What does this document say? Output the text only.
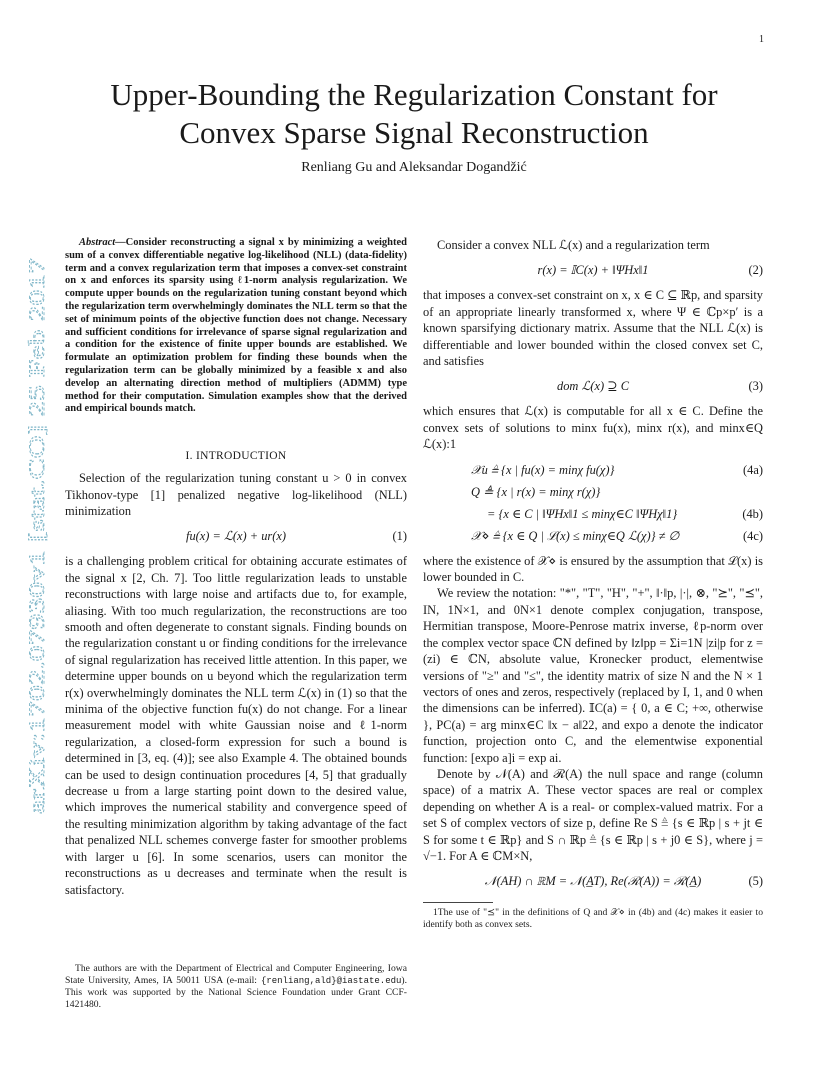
1
arXiv:1702.07930v1 [stat.CO] 25 Feb 2017
Upper-Bounding the Regularization Constant for
Convex Sparse Signal Reconstruction
Renliang Gu and Aleksandar Dogandžić

Abstract—Consider reconstructing a signal x by minimizing a weighted sum of a convex differentiable negative log-likelihood (NLL) (data-fidelity) term and a convex regularization term that imposes a convex-set constraint on x and enforces its sparsity using ℓ1-norm analysis regularization. We compute upper bounds on the regularization tuning constant beyond which the regularization term overwhelmingly dominates the NLL term so that the set of minimum points of the objective function does not change. Necessary and sufficient conditions for irrelevance of sparse signal regularization and a condition for the existence of finite upper bounds are established. We formulate an optimization problem for finding these bounds when the regularization term can be globally minimized by a feasible x and also develop an alternating direction method of multipliers (ADMM) type method for their computation. Simulation examples show that the derived and empirical bounds match.

I. INTRODUCTION

Selection of the regularization tuning constant u > 0 in convex Tikhonov-type [1] penalized negative log-likelihood (NLL) minimization

fu(x) = ℒ(x) + ur(x)	(1)

is a challenging problem critical for obtaining accurate estimates of the signal x [2, Ch. 7]. Too little regularization leads to unstable reconstructions with large noise and artifacts due to, for example, aliasing. With too much regularization, the reconstructions are too smooth and often degenerate to constant signals. Finding bounds on the regularization constant u or finding conditions for the irrelevance of signal regularization has received little attention. In this paper, we determine upper bounds on u beyond which the regularization term r(x) overwhelmingly dominates the NLL term ℒ(x) in (1) so that the minima of the objective function fu(x) do not change. For a linear measurement model with white Gaussian noise and ℓ1-norm regularization, a closed-form expression for such a bound is determined in [3, eq. (4)]; see also Example 4. The obtained bounds can be used to design continuation procedures [4, 5] that gradually decrease u from a large starting point down to the desired value, which improves the numerical stability and convergence speed of the resulting minimization algorithm by taking advantage of the fact that penalized NLL schemes converge faster for smoother problems with larger u [6]. In some scenarios, users can monitor the reconstructions as u decreases and terminate when the result is satisfactory.

The authors are with the Department of Electrical and Computer Engineering, Iowa State University, Ames, IA 50011 USA (e-mail: {renliang,ald}@iastate.edu). This work was supported by the National Science Foundation under Grant CCF-1421480.

Consider a convex NLL ℒ(x) and a regularization term

r(x) = 𝕀C(x) + ‖ΨHx‖1	(2)

that imposes a convex-set constraint on x, x ∈ C ⊆ ℝp, and sparsity of an appropriate linearly transformed x, where Ψ ∈ ℂp×p′ is a known sparsifying dictionary matrix. Assume that the NLL ℒ(x) is differentiable and lower bounded within the closed convex set C, and satisfies

dom ℒ(x) ⊇ C	(3)

which ensures that ℒ(x) is computable for all x ∈ C. Define the convex sets of solutions to minx fu(x), minx r(x), and minx∈Q ℒ(x):1

𝒳u ≜ {x | fu(x) = minχ fu(χ)}	(4a)
Q ≜ {x | r(x) = minχ r(χ)}
= {x ∈ C | ‖ΨHx‖1 ≤ minχ∈C ‖ΨHχ‖1}	(4b)
𝒳⋄ ≜ {x ∈ Q | ℒ(x) ≤ minχ∈Q ℒ(χ)} ≠ ∅	(4c)

where the existence of 𝒳⋄ is ensured by the assumption that ℒ(x) is lower bounded in C.

We review the notation: "*", "T", "H", "+", ‖·‖p, |·|, ⊗, "⪰", "⪯", IN, 1N×1, and 0N×1 denote complex conjugation, transpose, Hermitian transpose, Moore-Penrose matrix inverse, ℓp-norm over the complex vector space ℂN defined by ‖z‖pp = Σi=1N |zi|p for z = (zi) ∈ ℂN, absolute value, Kronecker product, elementwise versions of "≥" and "≤", the identity matrix of size N and the N × 1 vectors of ones and zeros, respectively (replaced by I, 1, and 0 when the dimensions can be inferred). 𝕀C(a) = { 0, a ∈ C; +∞, otherwise }, PC(a) = arg minx∈C ‖x − a‖22, and expo a denote the indicator function, projection onto C, and the elementwise exponential function: [expo a]i = exp ai.

Denote by 𝒩(A) and ℛ(A) the null space and range (column space) of a matrix A. These vector spaces are real or complex depending on whether A is a real- or complex-valued matrix. For a set S of complex vectors of size p, define Re S ≜ {s ∈ ℝp | s + jt ∈ S for some t ∈ ℝp} and S ∩ ℝp ≜ {s ∈ ℝp | s + j0 ∈ S}, where j = √−1. For A ∈ ℂM×N,

𝒩(AH) ∩ ℝM = 𝒩(A̲T), Re(ℛ(A)) = ℛ(A̲)	(5)

1The use of "⪯" in the definitions of Q and 𝒳⋄ in (4b) and (4c) makes it easier to identify both as convex sets.
